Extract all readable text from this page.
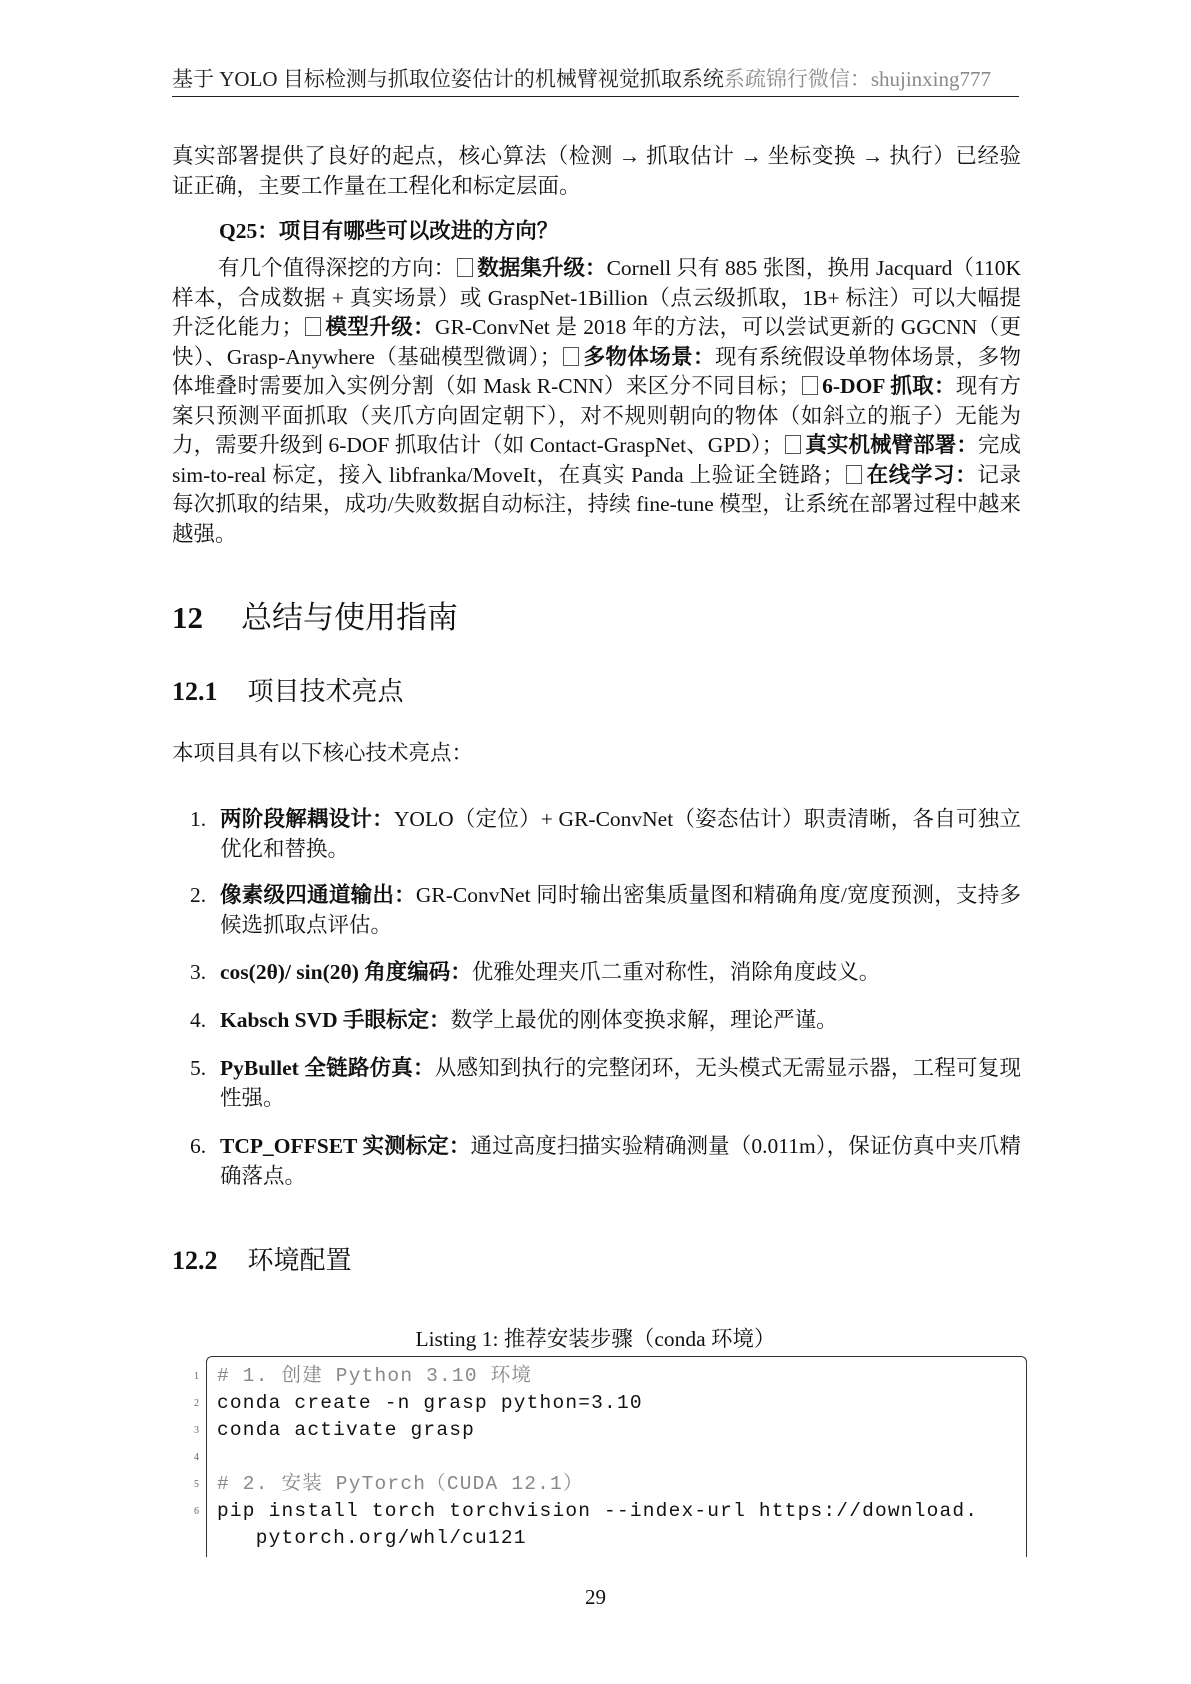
基于 YOLO 目标检测与抓取位姿估计的机械臂视觉抓取系统系疏锦行微信：shujinxing777
真实部署提供了良好的起点，核心算法（检测 → 抓取估计 → 坐标变换 → 执行）已经验证正确，主要工作量在工程化和标定层面。
Q25：项目有哪些可以改进的方向？
有几个值得深挖的方向： 数据集升级：Cornell 只有 885 张图，换用 Jacquard（110K 样本，合成数据 + 真实场景）或 GraspNet-1Billion（点云级抓取，1B+ 标注）可以大幅提升泛化能力； 模型升级：GR-ConvNet 是 2018 年的方法，可以尝试更新的 GGCNN（更快）、Grasp-Anywhere（基础模型微调）； 多物体场景：现有系统假设单物体场景，多物体堆叠时需要加入实例分割（如 Mask R-CNN）来区分不同目标； 6-DOF 抓取：现有方案只预测平面抓取（夹爪方向固定朝下），对不规则朝向的物体（如斜立的瓶子）无能为力，需要升级到 6-DOF 抓取估计（如 Contact-GraspNet、GPD）； 真实机械臂部署：完成 sim-to-real 标定，接入 libfranka/MoveIt，在真实 Panda 上验证全链路； 在线学习：记录每次抓取的结果，成功/失败数据自动标注，持续 fine-tune 模型，让系统在部署过程中越来越强。
12 总结与使用指南
12.1 项目技术亮点
本项目具有以下核心技术亮点：
1. 两阶段解耦设计：YOLO（定位）+ GR-ConvNet（姿态估计）职责清晰，各自可独立优化和替换。
2. 像素级四通道输出：GR-ConvNet 同时输出密集质量图和精确角度/宽度预测，支持多候选抓取点评估。
3. cos(2θ)/ sin(2θ) 角度编码：优雅处理夹爪二重对称性，消除角度歧义。
4. Kabsch SVD 手眼标定：数学上最优的刚体变换求解，理论严谨。
5. PyBullet 全链路仿真：从感知到执行的完整闭环，无头模式无需显示器，工程可复现性强。
6. TCP_OFFSET 实测标定：通过高度扫描实验精确测量（0.011m），保证仿真中夹爪精确落点。
12.2 环境配置
Listing 1: 推荐安装步骤（conda 环境）
1 # 1. 创建 Python 3.10 环境
2 conda create -n grasp python=3.10
3 conda activate grasp
4
5 # 2. 安装 PyTorch（CUDA 12.1）
6 pip install torch torchvision --index-url https://download.
pytorch.org/whl/cu121
29
